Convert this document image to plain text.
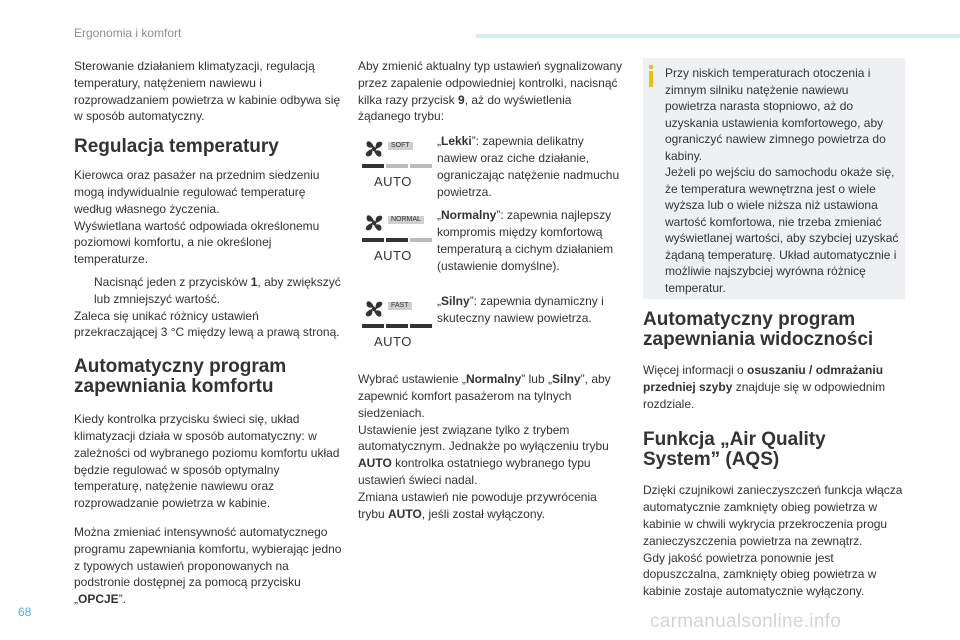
Ergonomia i komfort

Sterowanie działaniem klimatyzacji, regulacją temperatury, natężeniem nawiewu i rozprowadzaniem powietrza w kabinie odbywa się w sposób automatyczny.

Regulacja temperatury

Kierowca oraz pasażer na przednim siedzeniu mogą indywidualnie regulować temperaturę według własnego życzenia.

Wyświetlana wartość odpowiada określonemu poziomowi komfortu, a nie określonej temperaturze.

Nacisnąć jeden z przycisków 1, aby zwiększyć lub zmniejszyć wartość.

Zaleca się unikać różnicy ustawień przekraczającej 3 °C między lewą a prawą stroną.

Automatyczny program zapewniania komfortu

Kiedy kontrolka przycisku świeci się, układ klimatyzacji działa w sposób automatyczny: w zależności od wybranego poziomu komfortu układ będzie regulować w sposób optymalny temperaturę, natężenie nawiewu oraz rozprowadzanie powietrza w kabinie.

Można zmieniać intensywność automatycznego programu zapewniania komfortu, wybierając jedno z typowych ustawień proponowanych na podstronie dostępnej za pomocą przycisku „OPCJE”.

Aby zmienić aktualny typ ustawień sygnalizowany przez zapalenie odpowiedniej kontrolki, nacisnąć kilka razy przycisk 9, aż do wyświetlenia żądanego trybu:

SOFT
AUTO
„Lekki”: zapewnia delikatny nawiew oraz ciche działanie, ograniczając natężenie nadmuchu powietrza.
NORMAL
AUTO
„Normalny”: zapewnia najlepszy kompromis między komfortową temperaturą a cichym działaniem (ustawienie domyślne).
FAST
AUTO
„Silny”: zapewnia dynamiczny i skuteczny nawiew powietrza.

Wybrać ustawienie „Normalny” lub „Silny”, aby zapewnić komfort pasażerom na tylnych siedzeniach.

Ustawienie jest związane tylko z trybem automatycznym. Jednakże po wyłączeniu trybu AUTO kontrolka ostatniego wybranego typu ustawień świeci nadal.

Zmiana ustawień nie powoduje przywrócenia trybu AUTO, jeśli został wyłączony.

Przy niskich temperaturach otoczenia i zimnym silniku natężenie nawiewu powietrza narasta stopniowo, aż do uzyskania ustawienia komfortowego, aby ograniczyć nawiew zimnego powietrza do kabiny.

Jeżeli po wejściu do samochodu okaże się, że temperatura wewnętrzna jest o wiele wyższa lub o wiele niższa niż ustawiona wartość komfortowa, nie trzeba zmieniać wyświetlanej wartości, aby szybciej uzyskać żądaną temperaturę. Układ automatycznie i możliwie najszybciej wyrówna różnicę temperatur.

Automatyczny program zapewniania widoczności

Więcej informacji o osuszaniu / odmrażaniu przedniej szyby znajduje się w odpowiednim rozdziale.

Funkcja „Air Quality System” (AQS)

Dzięki czujnikowi zanieczyszczeń funkcja włącza automatycznie zamknięty obieg powietrza w kabinie w chwili wykrycia przekroczenia progu zanieczyszczenia powietrza na zewnątrz.

Gdy jakość powietrza ponownie jest dopuszczalna, zamknięty obieg powietrza w kabinie zostaje automatycznie wyłączony.

68	carmanualsonline.info
